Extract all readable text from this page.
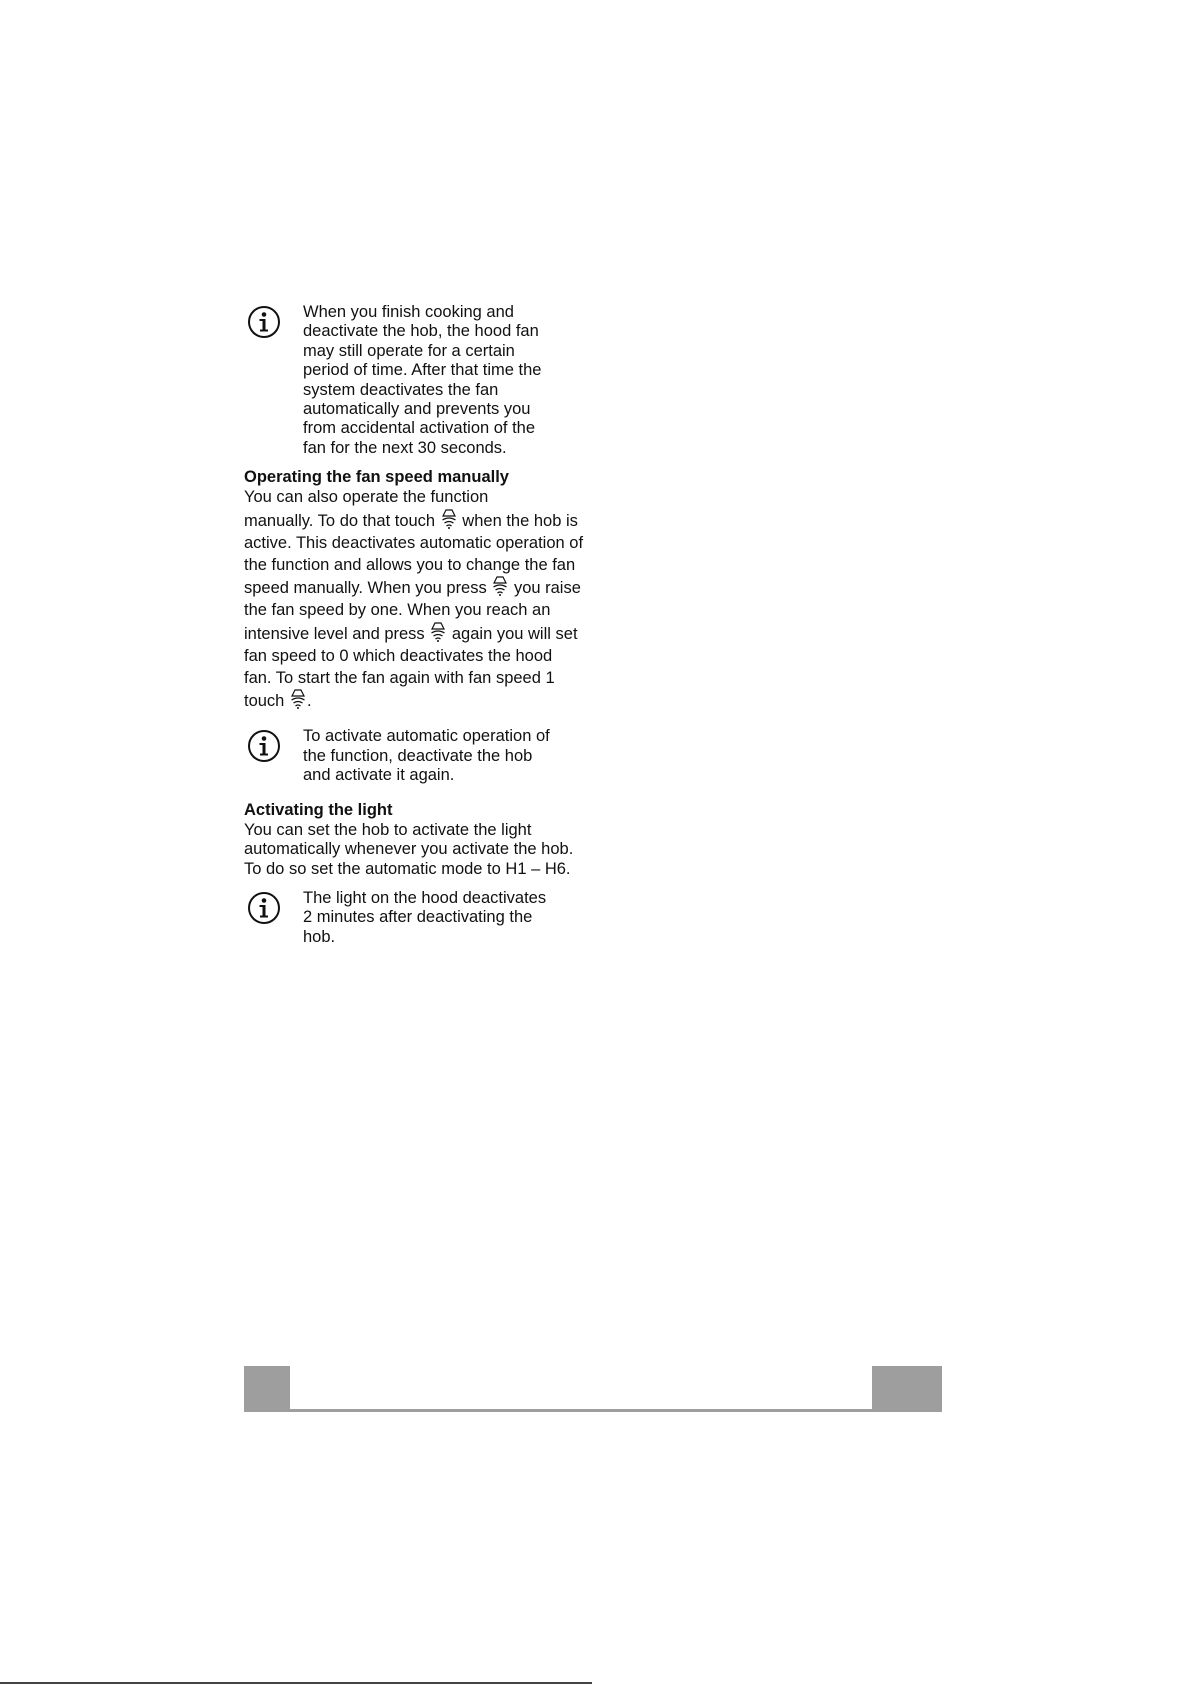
When you finish cooking and deactivate the hob, the hood fan may still operate for a certain period of time. After that time the system deactivates the fan automatically and prevents you from accidental activation of the fan for the next 30 seconds.
Operating the fan speed manually
You can also operate the function
manually. To do that touch when the hob is active. This deactivates automatic operation of the function and allows you to change the fan speed manually. When you press you raise the fan speed by one. When you reach an intensive level and press again you will set fan speed to 0 which deactivates the hood fan. To start the fan again with fan speed 1 touch .
To activate automatic operation of the function, deactivate the hob and activate it again.
Activating the light
You can set the hob to activate the light automatically whenever you activate the hob. To do so set the automatic mode to H1 – H6.
The light on the hood deactivates 2 minutes after deactivating the hob.
